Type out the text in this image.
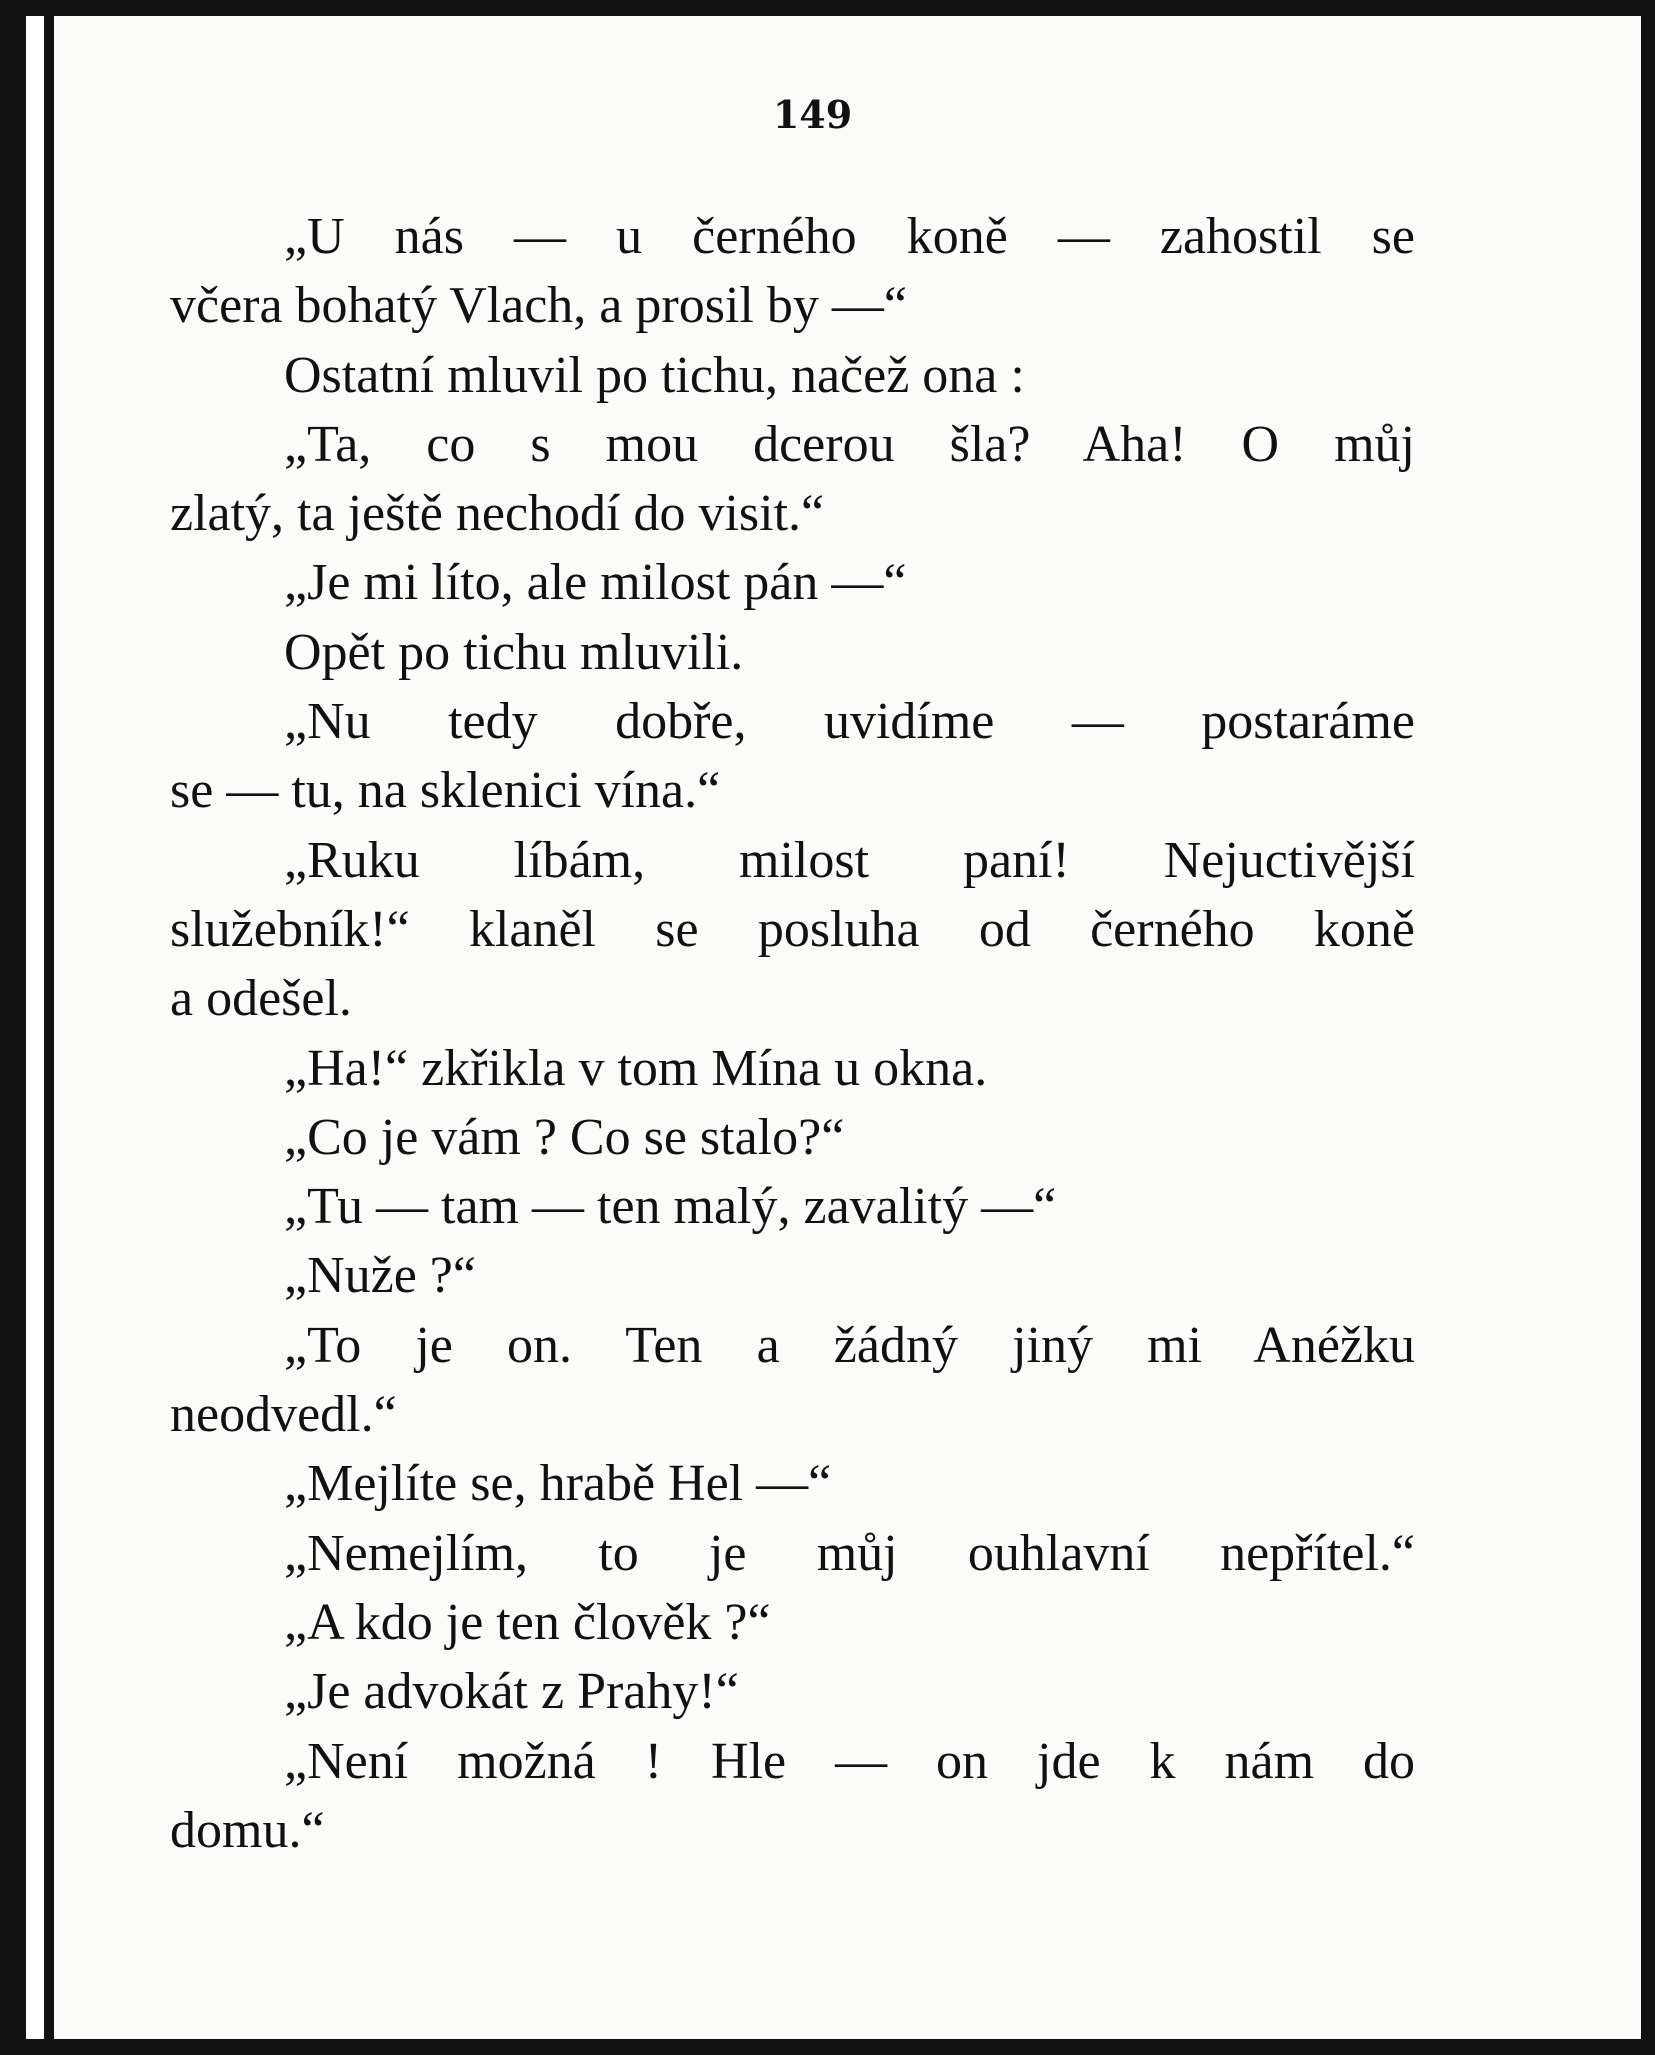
149
„U nás — u černého koně — zahostil se
včera bohatý Vlach, a prosil by —“
Ostatní mluvil po tichu, načež ona :
„Ta, co s mou dcerou šla? Aha! O můj
zlatý, ta ještě nechodí do visit.“
„Je mi líto, ale milost pán —“
Opět po tichu mluvili.
„Nu tedy dobře, uvidíme — postaráme
se — tu, na sklenici vína.“
„Ruku líbám, milost paní! Nejuctivější
služebník!“ klaněl se posluha od černého koně
a odešel.
„Ha!“ zkřikla v tom Mína u okna.
„Co je vám ? Co se stalo?“
„Tu — tam — ten malý, zavalitý —“
„Nuže ?“
„To je on. Ten a žádný jiný mi Anéžku
neodvedl.“
„Mejlíte se, hrabě Hel —“
„Nemejlím, to je můj ouhlavní nepřítel.“
„A kdo je ten člověk ?“
„Je advokát z Prahy!“
„Není možná ! Hle — on jde k nám do
domu.“
